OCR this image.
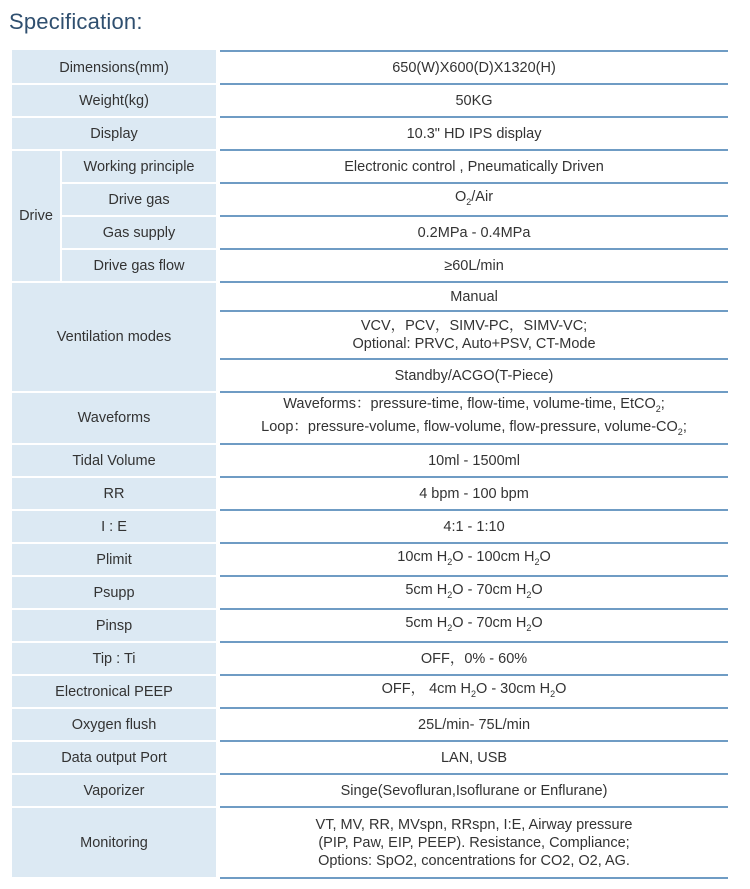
Specification:
Dimensions(mm)			650(W)X600(D)X1320(H)
Weight(kg)			50KG
Display			10.3" HD IPS display
Drive	Working principle		Electronic control , Pneumatically Driven
	Drive gas		$O_2$/Air
	Gas supply		0.2MPa - 0.4MPa
	Drive gas flow		≥60L/min
Ventilation modes			Manual

			VCV，PCV，SIMV-PC，SIMV-VC;
Optional: PRVC, Auto+PSV, CT-Mode

			Standby/ACGO(T-Piece)
Waveforms			Waveforms：pressure-time, flow-time, volume-time, EtCO$_2$;
Loop：pressure-volume, flow-volume, flow-pressure, volume-$CO_2$;

Tidal Volume			10ml - 1500ml
RR			4 bpm - 100 bpm
I : E			4:1 - 1:10
Plimit			10cm $H_2O - 100cm$ $H_2O$
Psupp			5cm $H_2O - 70cm$ $H_2O$
Pinsp			5cm $H_2O - 70cm$ $H_2O$
Tip : Ti			OFF，0% - 60%
Electronical PEEP			OFF， 4cm $H_2O - 30cm$ $H_2O$
Oxygen flush			25L/min- 75L/min
Data output Port			LAN, USB
Vaporizer			Singe(Sevofluran,Isoflurane or Enflurane)
Monitoring			VT, MV, RR, MVspn, RRspn, I:E, Airway pressure
(PIP, Paw, EIP, PEEP). Resistance, Compliance;
Options: SpO2, concentrations for CO2, O2, AG.
